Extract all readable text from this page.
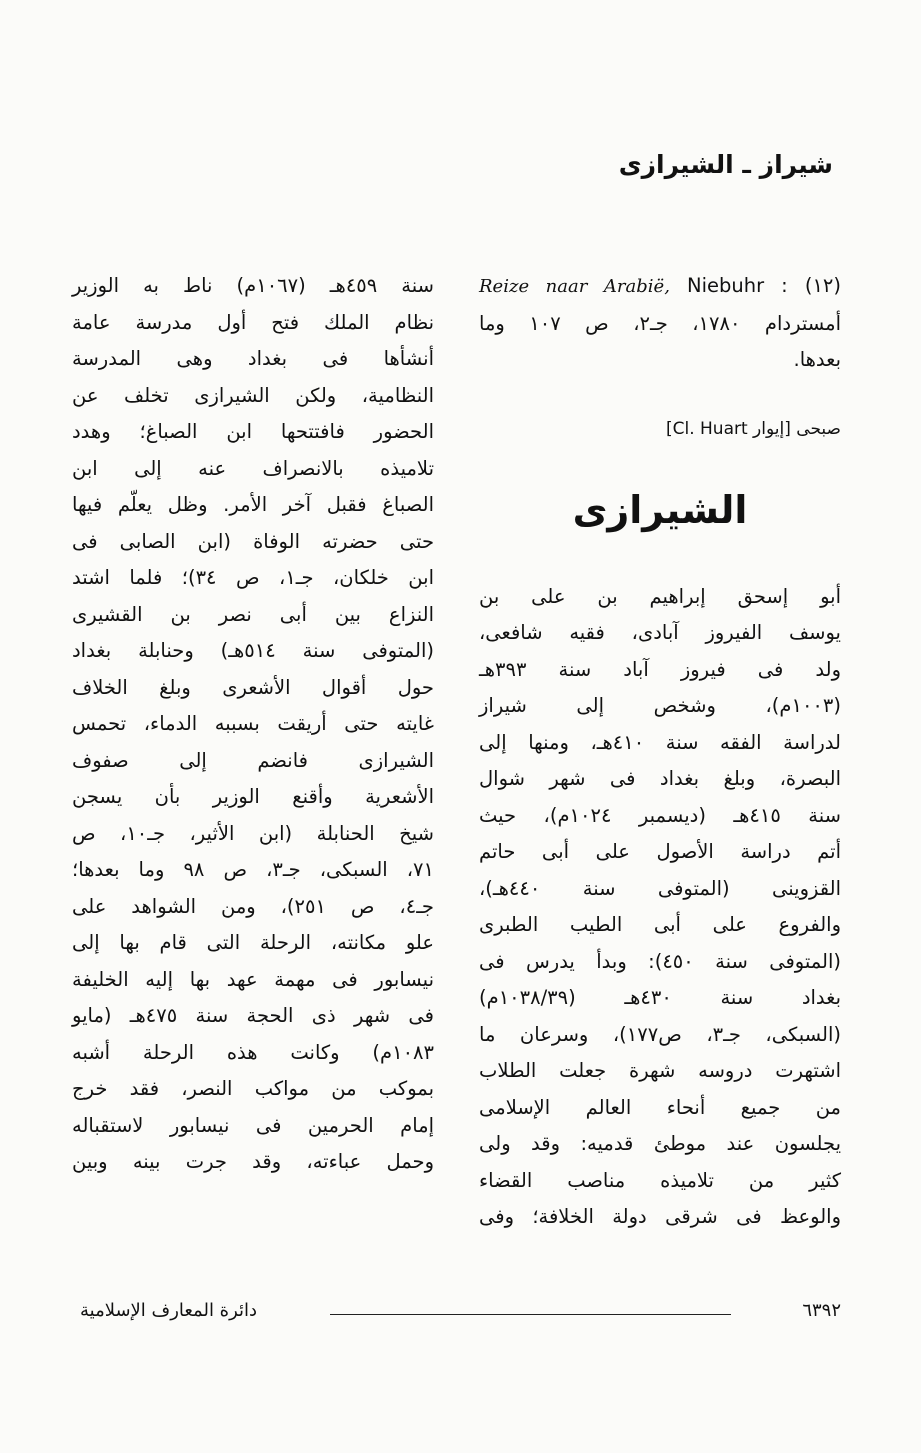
شيراز ـ الشيرازى
(١٢) Reize naar Arabië, Niebuhr :
أمستردام ١٧٨٠، جـ٢، ص ١٠٧ وما
بعدها.
صبحى [إيوار Cl. Huart]
الشيرازى
أبو إسحق إبراهيم بن على بن
يوسف الفيروز آبادى، فقيه شافعى،
ولد فى فيروز آباد سنة ٣٩٣هـ
(١٠٠٣م)، وشخص إلى شيراز
لدراسة الفقه سنة ٤١٠هـ، ومنها إلى
البصرة، وبلغ بغداد فى شهر شوال
سنة ٤١٥هـ (ديسمبر ١٠٢٤م)، حيث
أتم دراسة الأصول على أبى حاتم
القزوينى (المتوفى سنة ٤٤٠هـ)،
والفروع على أبى الطيب الطبرى
(المتوفى سنة ٤٥٠): وبدأ يدرس فى
بغداد سنة ٤٣٠هـ (١٠٣٨/٣٩م)
(السبكى، جـ٣، ص١٧٧)، وسرعان ما
اشتهرت دروسه شهرة جعلت الطلاب
من جميع أنحاء العالم الإسلامى
يجلسون عند موطئ قدميه: وقد ولى
كثير من تلاميذه مناصب القضاء
والوعظ فى شرقى دولة الخلافة؛ وفى
سنة ٤٥٩هـ (١٠٦٧م) ناط به الوزير
نظام الملك فتح أول مدرسة عامة
أنشأها فى بغداد وهى المدرسة
النظامية، ولكن الشيرازى تخلف عن
الحضور فافتتحها ابن الصباغ؛ وهدد
تلاميذه بالانصراف عنه إلى ابن
الصباغ فقبل آخر الأمر. وظل يعلّم فيها
حتى حضرته الوفاة (ابن الصابى فى
ابن خلكان، جـ١، ص ٣٤)؛ فلما اشتد
النزاع بين أبى نصر بن القشيرى
(المتوفى سنة ٥١٤هـ) وحنابلة بغداد
حول أقوال الأشعرى وبلغ الخلاف
غايته حتى أريقت بسببه الدماء، تحمس
الشيرازى فانضم إلى صفوف
الأشعرية وأقنع الوزير بأن يسجن
شيخ الحنابلة (ابن الأثير، جـ١٠، ص
٧١، السبكى، جـ٣، ص ٩٨ وما بعدها؛
جـ٤، ص ٢٥١)، ومن الشواهد على
علو مكانته، الرحلة التى قام بها إلى
نيسابور فى مهمة عهد بها إليه الخليفة
فى شهر ذى الحجة سنة ٤٧٥هـ (مايو
١٠٨٣م) وكانت هذه الرحلة أشبه
بموكب من مواكب النصر، فقد خرج
إمام الحرمين فى نيسابور لاستقباله
وحمل عباءته، وقد جرت بينه وبين
٦٣٩٢
دائرة المعارف الإسلامية
